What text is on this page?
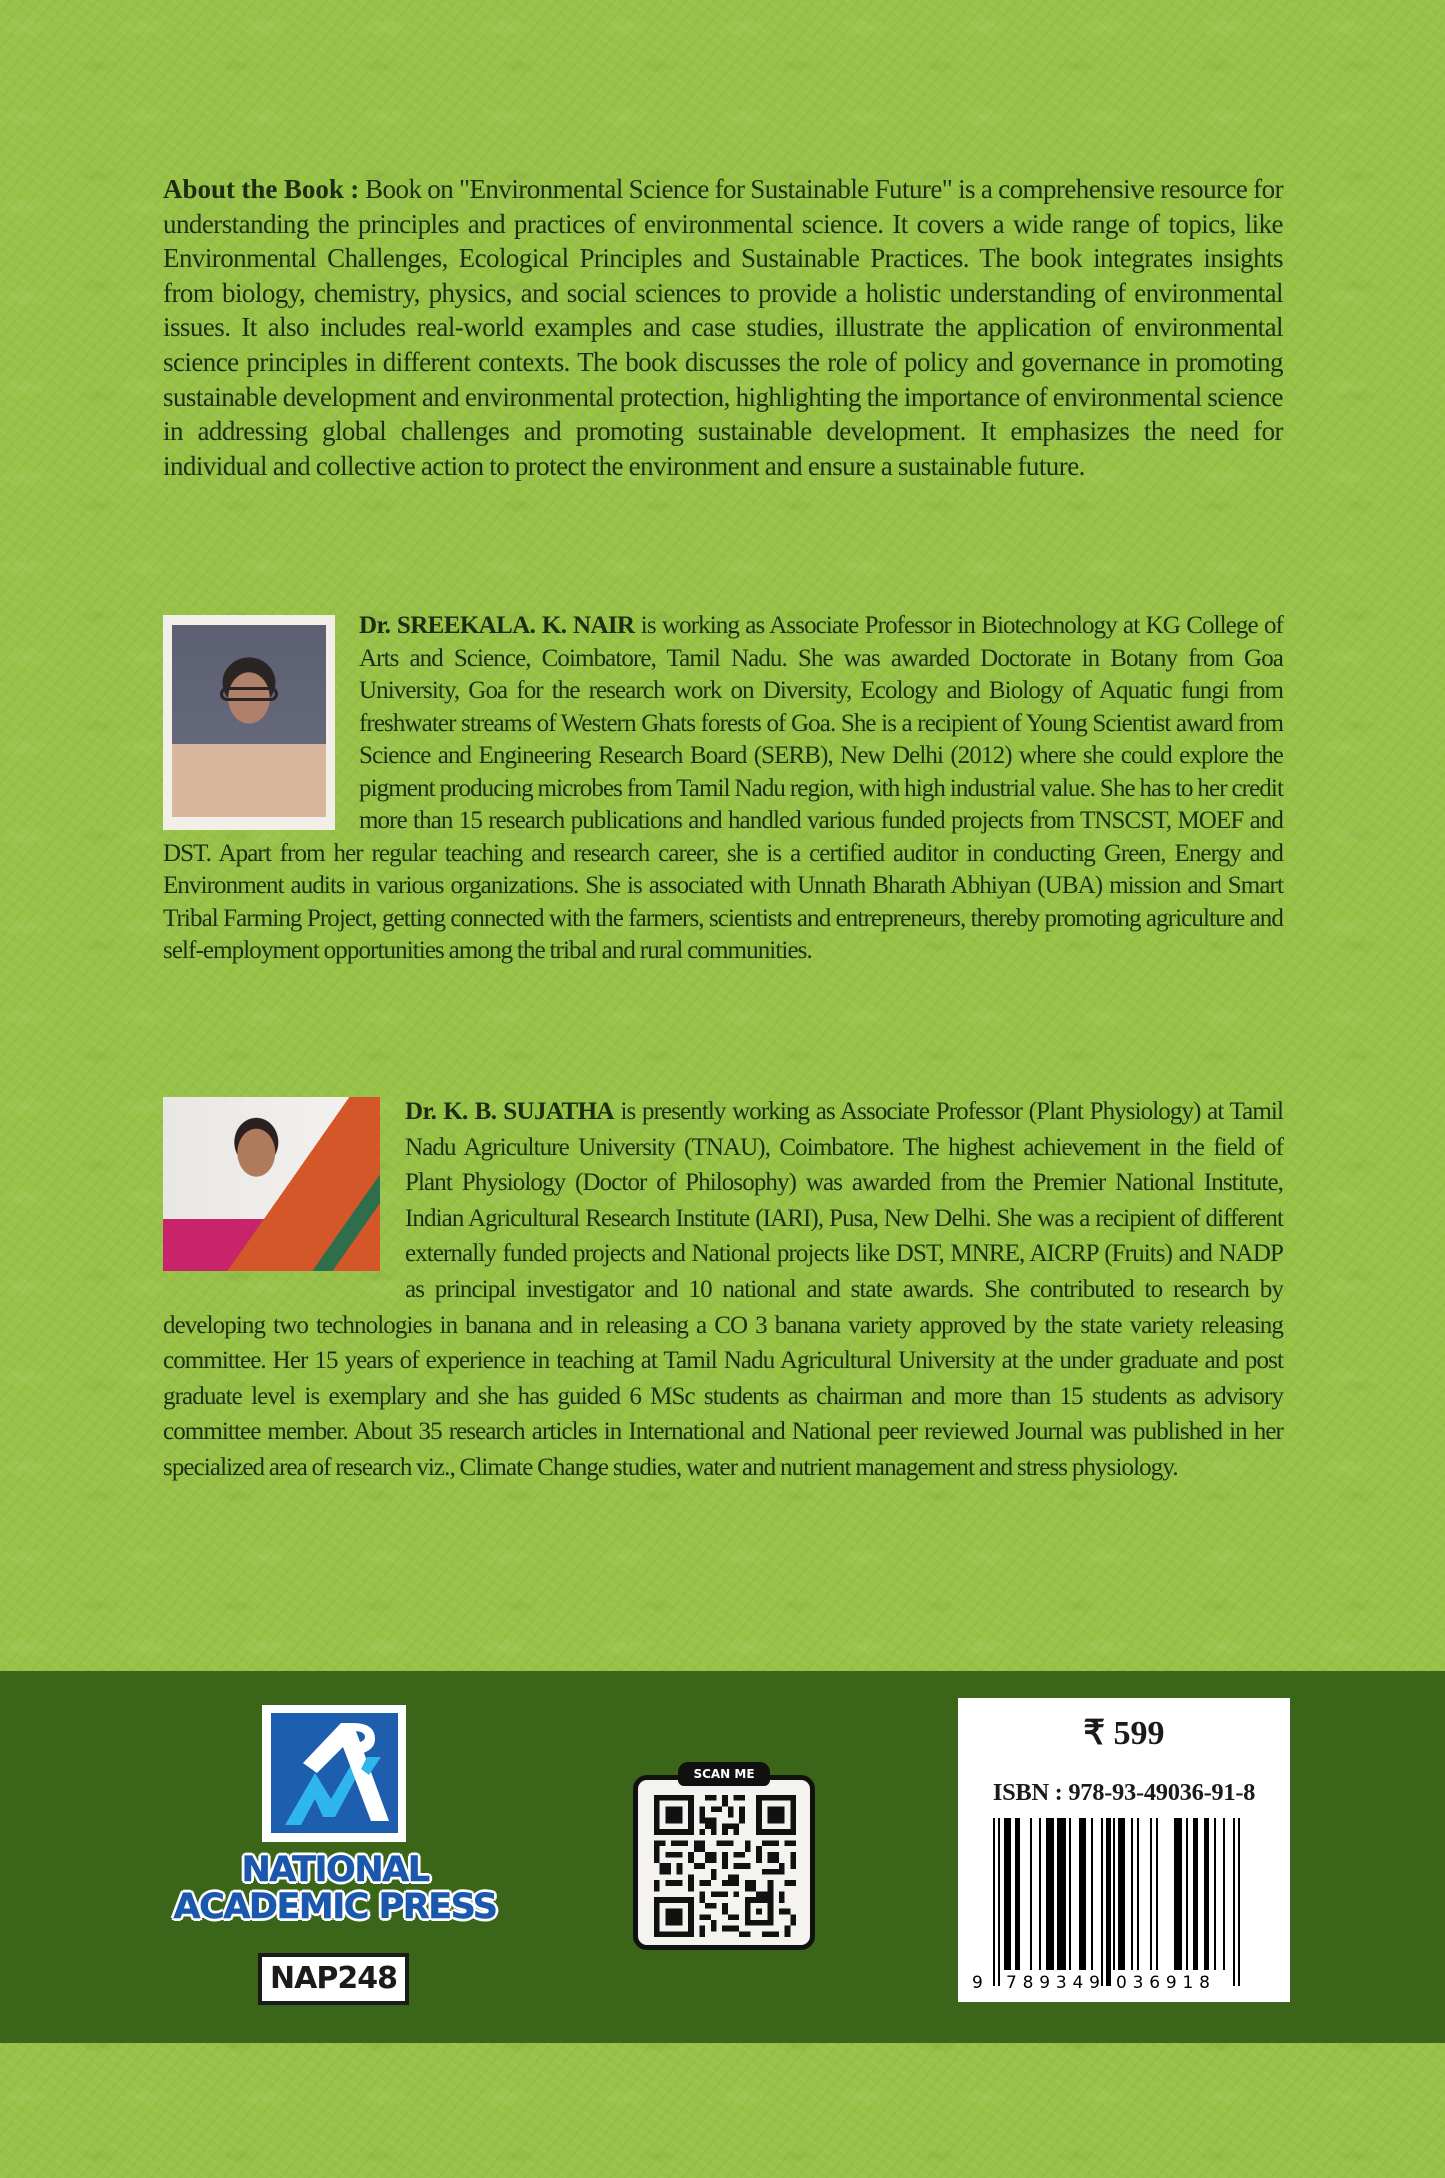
About the Book : Book on "Environmental Science for Sustainable Future" is a comprehensive resource for understanding the principles and practices of environmental science. It covers a wide range of topics, like Environmental Challenges, Ecological Principles and Sustainable Practices. The book integrates insights from biology, chemistry, physics, and social sciences to provide a holistic understanding of environmental issues. It also includes real-world examples and case studies, illustrate the application of environmental science principles in different contexts. The book discusses the role of policy and governance in promoting sustainable development and environmental protection, highlighting the importance of environmental science in addressing global challenges and promoting sustainable development. It emphasizes the need for individual and collective action to protect the environment and ensure a sustainable future.

Dr. SREEKALA. K. NAIR is working as Associate Professor in Biotechnology at KG College of Arts and Science, Coimbatore, Tamil Nadu. She was awarded Doctorate in Botany from Goa University, Goa for the research work on Diversity, Ecology and Biology of Aquatic fungi from freshwater streams of Western Ghats forests of Goa. She is a recipient of Young Scientist award from Science and Engineering Research Board (SERB), New Delhi (2012) where she could explore the pigment producing microbes from Tamil Nadu region, with high industrial value. She has to her credit more than 15 research publications and handled various funded projects from TNSCST, MOEF and DST. Apart from her regular teaching and research career, she is a certified auditor in conducting Green, Energy and Environment audits in various organizations. She is associated with Unnath Bharath Abhiyan (UBA) mission and Smart Tribal Farming Project, getting connected with the farmers, scientists and entrepreneurs, thereby promoting agriculture and self-employment opportunities among the tribal and rural communities.

Dr. K. B. SUJATHA is presently working as Associate Professor (Plant Physiology) at Tamil Nadu Agriculture University (TNAU), Coimbatore. The highest achievement in the field of Plant Physiology (Doctor of Philosophy) was awarded from the Premier National Institute, Indian Agricultural Research Institute (IARI), Pusa, New Delhi. She was a recipient of different externally funded projects and National projects like DST, MNRE, AICRP (Fruits) and NADP as principal investigator and 10 national and state awards. She contributed to research by developing two technologies in banana and in releasing a CO 3 banana variety approved by the state variety releasing committee. Her 15 years of experience in teaching at Tamil Nadu Agricultural University at the under graduate and post graduate level is exemplary and she has guided 6 MSc students as chairman and more than 15 students as advisory committee member. About 35 research articles in International and National peer reviewed Journal was published in her specialized area of research viz., Climate Change studies, water and nutrient management and stress physiology.

NATIONAL
ACADEMIC PRESS
NAP248
SCAN ME
₹ 599
ISBN : 978-93-49036-91-8
9 789349 036918
